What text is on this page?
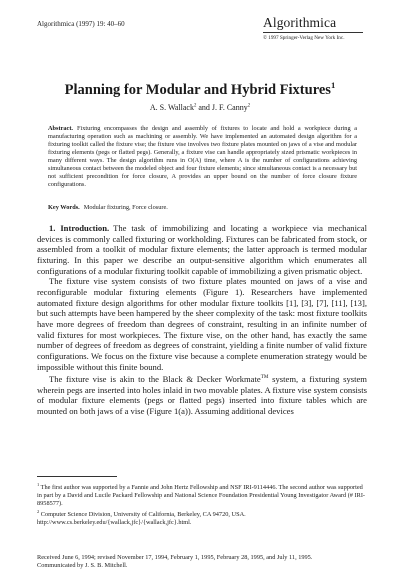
Algorithmica (1997) 19: 40–60	Algorithmica
© 1997 Springer-Verlag New York Inc.
Planning for Modular and Hybrid Fixtures$^1$
A. S. Wallack$^2$ and J. F. Canny$^2$
Abstract. Fixturing encompasses the design and assembly of fixtures to locate and hold a workpiece during a manufacturing operation such as machining or assembly. We have implemented an automated design algorithm for a fixturing toolkit called the fixture vise; the fixture vise involves two fixture plates mounted on jaws of a vise and modular fixturing elements (pegs or flatted pegs). Generally, a fixture vise can handle appropriately sized prismatic workpieces in many different ways. The design algorithm runs in O(A) time, where A is the number of configurations achieving simultaneous contact between the modeled object and four fixture elements; since simultaneous contact is a necessary but not sufficient precondition for force closure, A provides an upper bound on the number of force closure fixture configurations.
Key Words. Modular fixturing, Force closure.

1. Introduction. The task of immobilizing and locating a workpiece via mechanical devices is commonly called fixturing or workholding. Fixtures can be fabricated from stock, or assembled from a toolkit of modular fixture elements; the latter approach is termed modular fixturing. In this paper we describe an output-sensitive algorithm which enumerates all configurations of a modular fixturing toolkit capable of immobilizing a given prismatic object.

The fixture vise system consists of two fixture plates mounted on jaws of a vise and reconfigurable modular fixturing elements (Figure 1). Researchers have implemented automated fixture design algorithms for other modular fixture toolkits [1], [3], [7], [11], [13], but such attempts have been hampered by the sheer complexity of the task: most fixture toolkits have more degrees of freedom than degrees of constraint, resulting in an infinite number of valid fixtures for most workpieces. The fixture vise, on the other hand, has exactly the same number of degrees of freedom as degrees of constraint, yielding a finite number of valid fixture configurations. We focus on the fixture vise because a complete enumeration strategy would be impossible without this finite bound.

The fixture vise is akin to the Black & Decker Workmate™ system, a fixturing system wherein pegs are inserted into holes inlaid in two movable plates. A fixture vise system consists of modular fixture elements (pegs or flatted pegs) inserted into fixture tables which are mounted on both jaws of a vise (Figure 1(a)). Assuming additional devices

$^1$ The first author was supported by a Fannie and John Hertz Fellowship and NSF IRI-9114446. The second author was supported in part by a David and Lucile Packard Fellowship and National Science Foundation Presidential Young Investigator Award (# IRI-8958577).

$^2$ Computer Science Division, University of California, Berkeley, CA 94720, USA.

http://www.cs.berkeley.edu/{wallack,jfc}/{wallack,jfc}.html.

Received June 6, 1994; revised November 17, 1994, February 1, 1995, February 28, 1995, and July 11, 1995.

Communicated by J. S. B. Mitchell.
